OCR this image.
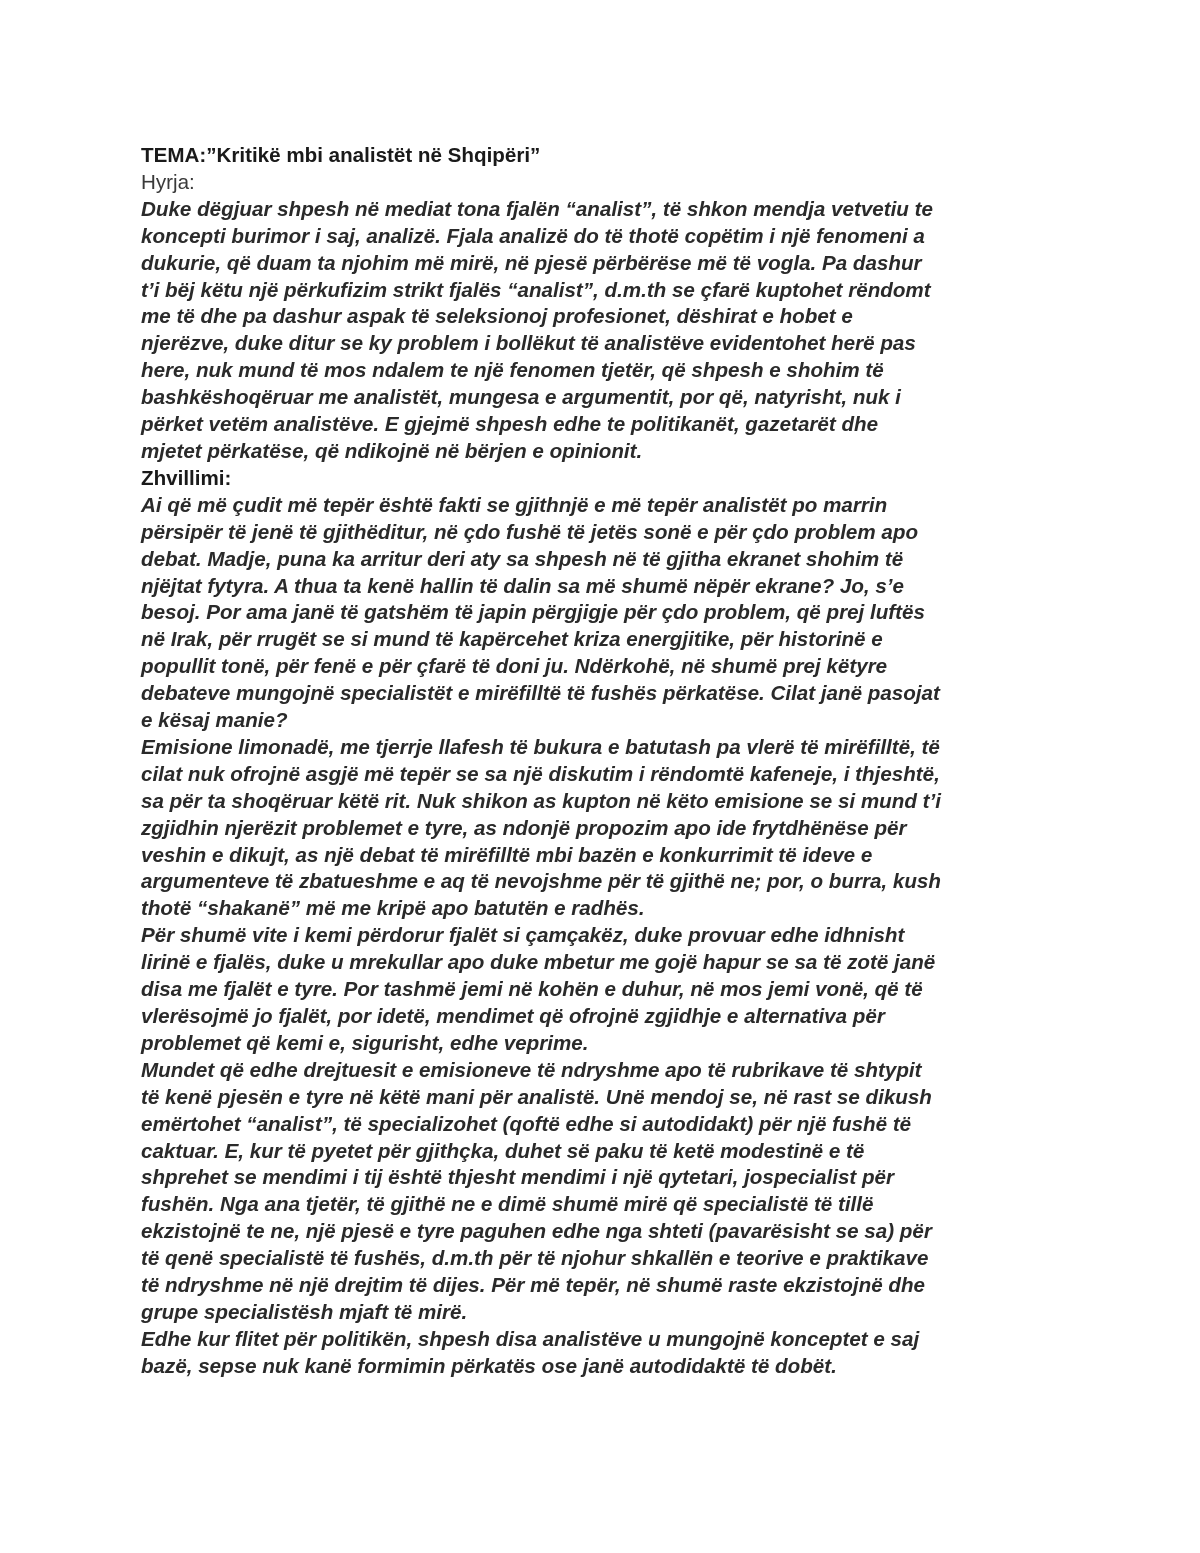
TEMA:”Kritikë mbi analistët në Shqipëri”
Hyrja:
Duke dëgjuar shpesh në mediat tona fjalën “analist”, të shkon mendja vetvetiu te
koncepti burimor i saj, analizë. Fjala analizë do të thotë copëtim i një fenomeni a
dukurie, që duam ta njohim më mirë, në pjesë përbërëse më të vogla. Pa dashur
t’i bëj këtu një përkufizim strikt fjalës “analist”, d.m.th se çfarë kuptohet rëndomt
me të dhe pa dashur aspak të seleksionoj profesionet, dëshirat e hobet e
njerëzve, duke ditur se ky problem i bollëkut të analistëve evidentohet herë pas
here, nuk mund të mos ndalem te një fenomen tjetër, që shpesh e shohim të
bashkëshoqëruar me analistët, mungesa e argumentit, por që, natyrisht, nuk i
përket vetëm analistëve. E gjejmë shpesh edhe te politikanët, gazetarët dhe
mjetet përkatëse, që ndikojnë në bërjen e opinionit.
Zhvillimi:
Ai që më çudit më tepër është fakti se gjithnjë e më tepër analistët po marrin
përsipër të jenë të gjithëditur, në çdo fushë të jetës sonë e për çdo problem apo
debat. Madje, puna ka arritur deri aty sa shpesh në të gjitha ekranet shohim të
njëjtat fytyra. A thua ta kenë hallin të dalin sa më shumë nëpër ekrane? Jo, s’e
besoj. Por ama janë të gatshëm të japin përgjigje për çdo problem, që prej luftës
në Irak, për rrugët se si mund të kapërcehet kriza energjitike, për historinë e
popullit tonë, për fenë e për çfarë të doni ju. Ndërkohë, në shumë prej këtyre
debateve mungojnë specialistët e mirëfilltë të fushës përkatëse. Cilat janë pasojat
e kësaj manie?
Emisione limonadë, me tjerrje llafesh të bukura e batutash pa vlerë të mirëfilltë, të
cilat nuk ofrojnë asgjë më tepër se sa një diskutim i rëndomtë kafeneje, i thjeshtë,
sa për ta shoqëruar këtë rit. Nuk shikon as kupton në këto emisione se si mund t’i
zgjidhin njerëzit problemet e tyre, as ndonjë propozim apo ide frytdhënëse për
veshin e dikujt, as një debat të mirëfilltë mbi bazën e konkurrimit të ideve e
argumenteve të zbatueshme e aq të nevojshme për të gjithë ne; por, o burra, kush
thotë “shakanë” më me kripë apo batutën e radhës.
Për shumë vite i kemi përdorur fjalët si çamçakëz, duke provuar edhe idhnisht
lirinë e fjalës, duke u mrekullar apo duke mbetur me gojë hapur se sa të zotë janë
disa me fjalët e tyre. Por tashmë jemi në kohën e duhur, në mos jemi vonë, që të
vlerësojmë jo fjalët, por idetë, mendimet që ofrojnë zgjidhje e alternativa për
problemet që kemi e, sigurisht, edhe veprime.
Mundet që edhe drejtuesit e emisioneve të ndryshme apo të rubrikave të shtypit
të kenë pjesën e tyre në këtë mani për analistë. Unë mendoj se, në rast se dikush
emërtohet “analist”, të specializohet (qoftë edhe si autodidakt) për një fushë të
caktuar. E, kur të pyetet për gjithçka, duhet së paku të ketë modestinë e të
shprehet se mendimi i tij është thjesht mendimi i një qytetari, jospecialist për
fushën. Nga ana tjetër, të gjithë ne e dimë shumë mirë që specialistë të tillë
ekzistojnë te ne, një pjesë e tyre paguhen edhe nga shteti (pavarësisht se sa) për
të qenë specialistë të fushës, d.m.th për të njohur shkallën e teorive e praktikave
të ndryshme në një drejtim të dijes. Për më tepër, në shumë raste ekzistojnë dhe
grupe specialistësh mjaft të mirë.
Edhe kur flitet për politikën, shpesh disa analistëve u mungojnë konceptet e saj
bazë, sepse nuk kanë formimin përkatës ose janë autodidaktë të dobët.
